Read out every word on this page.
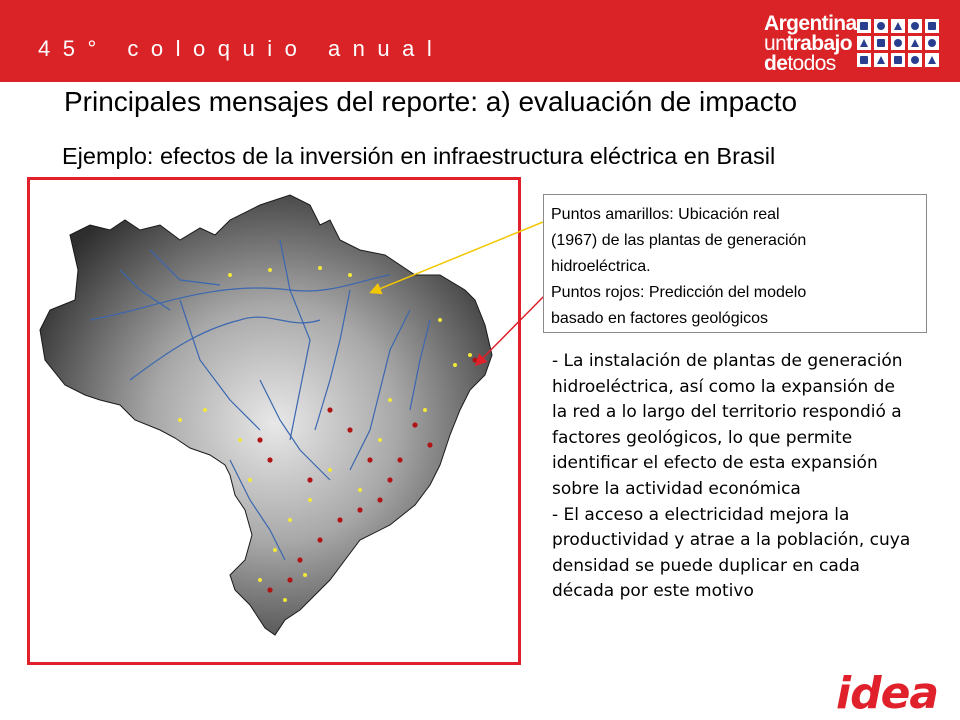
45° coloquio anual
Argentina
untrabajo
detodos
Principales mensajes del reporte: a) evaluación de impacto
Ejemplo: efectos de la inversión en infraestructura eléctrica en Brasil

Puntos amarillos: Ubicación real

(1967) de las plantas de generación

hidroeléctrica.

Puntos rojos: Predicción del modelo

basado en factores geológicos

- La instalación de plantas de generación

hidroeléctrica, así como la expansión de

la red a lo largo del territorio respondió a

factores geológicos, lo que permite

identificar el efecto de esta expansión

sobre la actividad económica

- El acceso a electricidad mejora la

productividad y atrae a la población, cuya

densidad se puede duplicar en cada

década por este motivo

idea
